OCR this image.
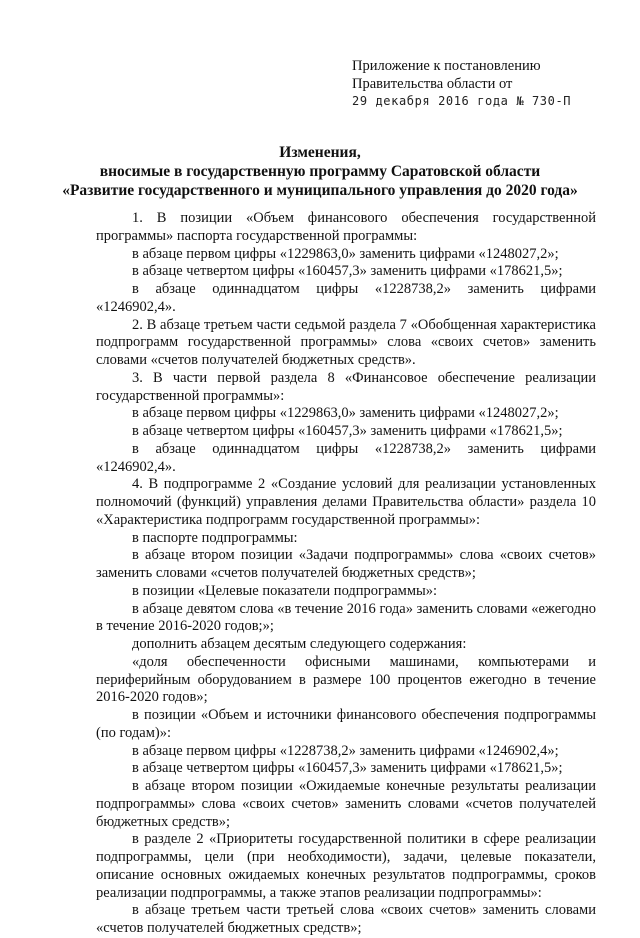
Приложение к постановлению
Правительства области от
29 декабря 2016 года № 730-П
Изменения,
вносимые в государственную программу Саратовской области
«Развитие государственного и муниципального управления до 2020 года»

1. В позиции «Объем финансового обеспечения государственной программы» паспорта государственной программы:

в абзаце первом цифры «1229863,0» заменить цифрами «1248027,2»;

в абзаце четвертом цифры «160457,3» заменить цифрами «178621,5»;

в абзаце одиннадцатом цифры «1228738,2» заменить цифрами «1246902,4».

2. В абзаце третьем части седьмой раздела 7 «Обобщенная характеристика подпрограмм государственной программы» слова «своих счетов» заменить словами «счетов получателей бюджетных средств».

3. В части первой раздела 8 «Финансовое обеспечение реализации государственной программы»:

в абзаце первом цифры «1229863,0» заменить цифрами «1248027,2»;

в абзаце четвертом цифры «160457,3» заменить цифрами «178621,5»;

в абзаце одиннадцатом цифры «1228738,2» заменить цифрами «1246902,4».

4. В подпрограмме 2 «Создание условий для реализации установленных полномочий (функций) управления делами Правительства области» раздела 10 «Характеристика подпрограмм государственной программы»:

в паспорте подпрограммы:

в абзаце втором позиции «Задачи подпрограммы» слова «своих счетов» заменить словами «счетов получателей бюджетных средств»;

в позиции «Целевые показатели подпрограммы»:

в абзаце девятом слова «в течение 2016 года» заменить словами «ежегодно в течение 2016-2020 годов;»;

дополнить абзацем десятым следующего содержания:

«доля обеспеченности офисными машинами, компьютерами и периферийным оборудованием в размере 100 процентов ежегодно в течение 2016-2020 годов»;

в позиции «Объем и источники финансового обеспечения подпрограммы (по годам)»:

в абзаце первом цифры «1228738,2» заменить цифрами «1246902,4»;

в абзаце четвертом цифры «160457,3» заменить цифрами «178621,5»;

в абзаце втором позиции «Ожидаемые конечные результаты реализации подпрограммы» слова «своих счетов» заменить словами «счетов получателей бюджетных средств»;

в разделе 2 «Приоритеты государственной политики в сфере реализации подпрограммы, цели (при необходимости), задачи, целевые показатели, описание основных ожидаемых конечных результатов подпрограммы, сроков реализации подпрограммы, а также этапов реализации подпрограммы»:

в абзаце третьем части третьей слова «своих счетов» заменить словами «счетов получателей бюджетных средств»;
